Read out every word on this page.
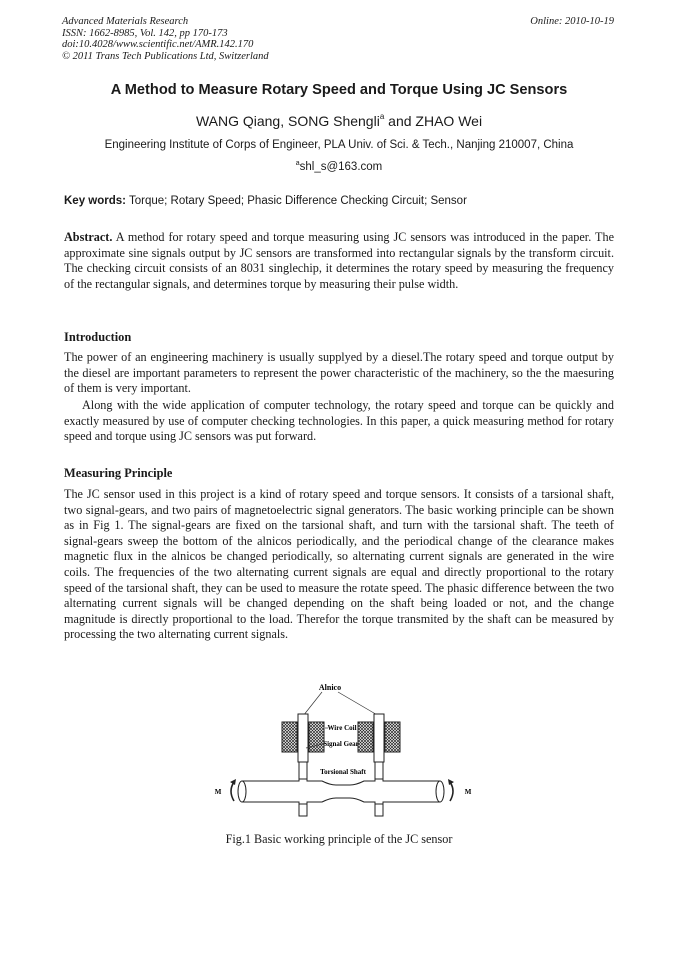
Advanced Materials Research
ISSN: 1662-8985, Vol. 142, pp 170-173
doi:10.4028/www.scientific.net/AMR.142.170
© 2011 Trans Tech Publications Ltd, Switzerland
Online: 2010-10-19
A Method to Measure Rotary Speed and Torque Using JC Sensors
WANG Qiang, SONG Shengli$^a$ and ZHAO Wei
Engineering Institute of Corps of Engineer, PLA Univ. of Sci. & Tech., Nanjing 210007, China
$^a$shl_s@163.com
Key words: Torque; Rotary Speed; Phasic Difference Checking Circuit; Sensor
Abstract. A method for rotary speed and torque measuring using JC sensors was introduced in the paper. The approximate sine signals output by JC sensors are transformed into rectangular signals by the transform circuit. The checking circuit consists of an 8031 singlechip, it determines the rotary speed by measuring the frequency of the rectangular signals, and determines torque by measuring their pulse width.
Introduction
The power of an engineering machinery is usually supplyed by a diesel.The rotary speed and torque output by the diesel are important parameters to represent the power characteristic of the machinery, so the the maesuring of them is very important.
Along with the wide application of computer technology, the rotary speed and torque can be quickly and exactly measured by use of computer checking technologies. In this paper, a quick measuring method for rotary speed and torque using JC sensors was put forward.
Measuring Principle
The JC sensor used in this project is a kind of rotary speed and torque sensors. It consists of a tarsional shaft, two signal-gears, and two pairs of magnetoelectric signal generators. The basic working principle can be shown as in Fig 1. The signal-gears are fixed on the tarsional shaft, and turn with the tarsional shaft. The teeth of signal-gears sweep the bottom of the alnicos periodically, and the periodical change of the clearance makes magnetic flux in the alnicos be changed periodically, so alternating current signals are generated in the wire coils. The frequencies of the two alternating current signals are equal and directly proportional to the rotary speed of the tarsional shaft, they can be used to measure the rotate speed. The phasic difference between the two alternating current signals will be changed depending on the shaft being loaded or not, and the change magnitude is directly proportional to the load. Therefor the torque transmited by the shaft can be measured by processing the two alternating current signals.
Alnico
Wire Coil
Signal Gear
Torsional Shaft
M	M
Fig.1 Basic working principle of the JC sensor
